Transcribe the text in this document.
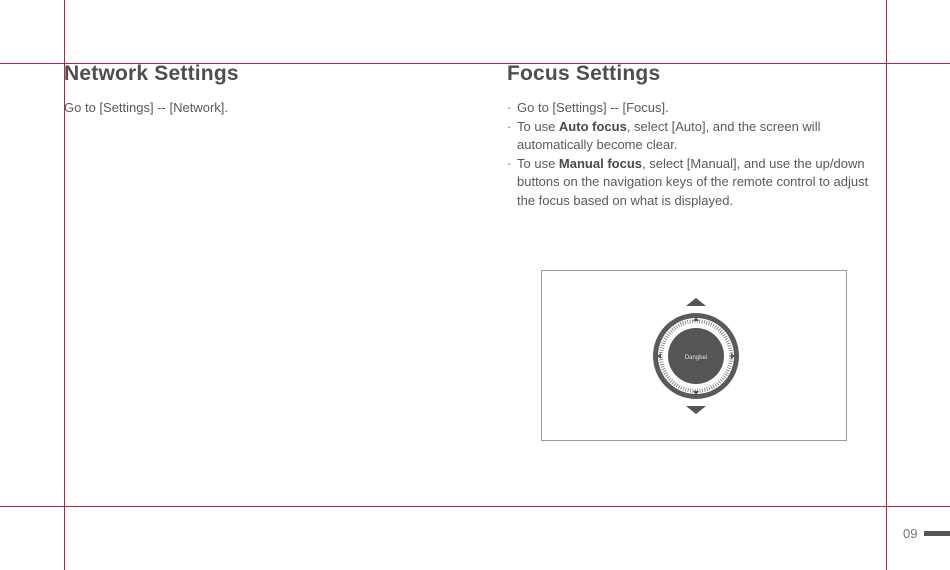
Network Settings

Go to [Settings] -- [Network].

Focus Settings
· Go to [Settings] -- [Focus].
· To use Auto focus, select [Auto], and the screen will automatically become clear.
· To use Manual focus, select [Manual], and use the up/down buttons on the navigation keys of the remote control to adjust the focus based on what is displayed.
Dangbei
09
